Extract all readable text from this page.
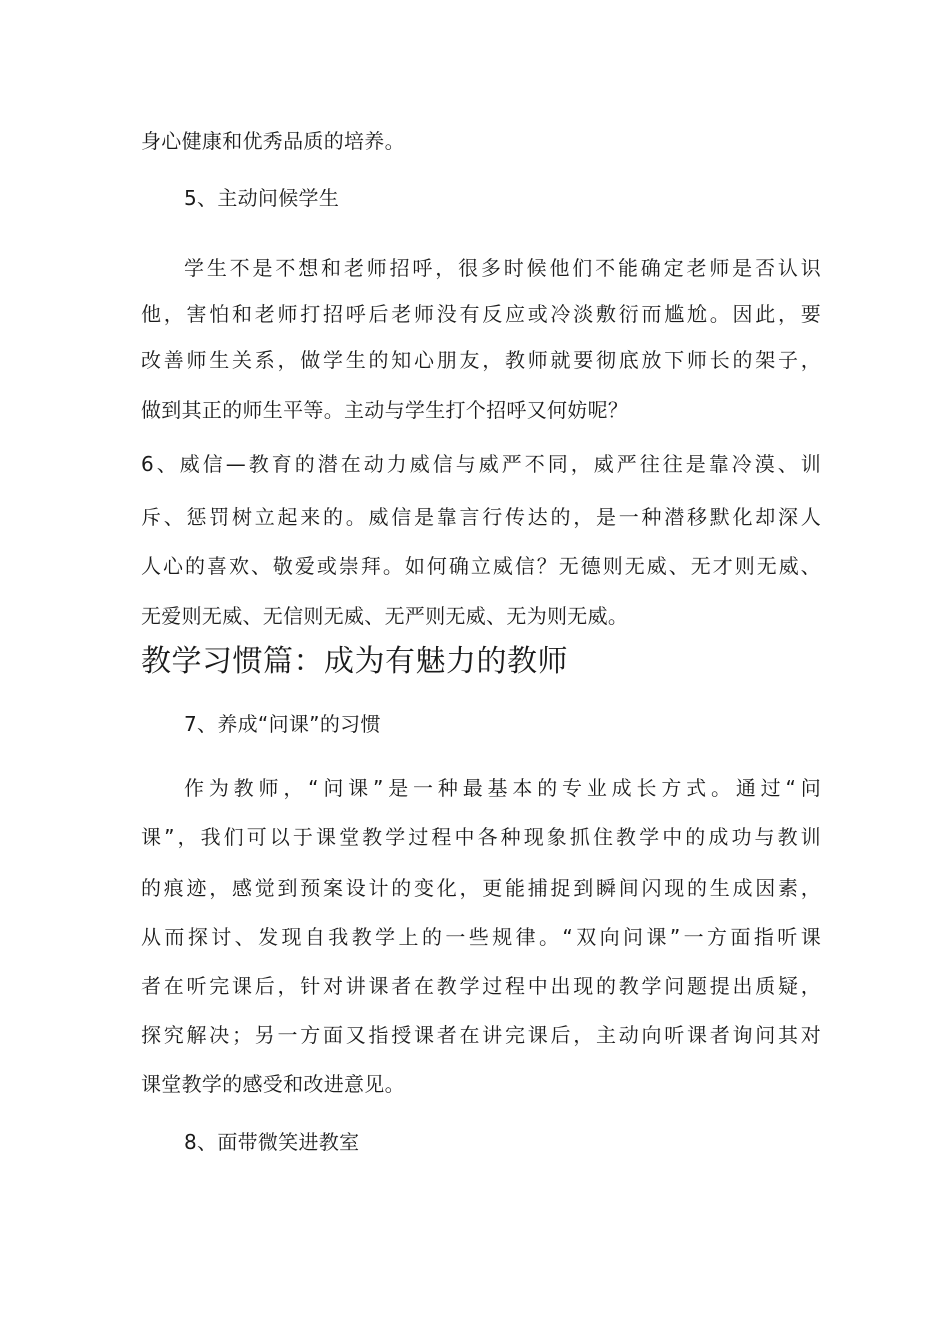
身心健康和优秀品质的培养。
5、主动问候学生
学生不是不想和老师招呼，很多时候他们不能确定老师是否认识
他，害怕和老师打招呼后老师没有反应或冷淡敷衍而尴尬。因此，要
改善师生关系，做学生的知心朋友，教师就要彻底放下师长的架子，
做到其正的师生平等。主动与学生打个招呼又何妨呢？
6、威信—教育的潜在动力威信与威严不同，威严往往是靠冷漠、训
斥、惩罚树立起来的。威信是靠言行传达的，是一种潜移默化却深人
人心的喜欢、敬爱或崇拜。如何确立威信？无德则无威、无才则无威、
无爱则无威、无信则无威、无严则无威、无为则无威。
教学习惯篇：成为有魅力的教师
7、养成“问课”的习惯
作为教师，“问课”是一种最基本的专业成长方式。通过“问
课”，我们可以于课堂教学过程中各种现象抓住教学中的成功与教训
的痕迹，感觉到预案设计的变化，更能捕捉到瞬间闪现的生成因素，
从而探讨、发现自我教学上的一些规律。“双向问课”一方面指听课
者在听完课后，针对讲课者在教学过程中出现的教学问题提出质疑，
探究解决；另一方面又指授课者在讲完课后，主动向听课者询问其对
课堂教学的感受和改进意见。
8、面带微笑进教室
